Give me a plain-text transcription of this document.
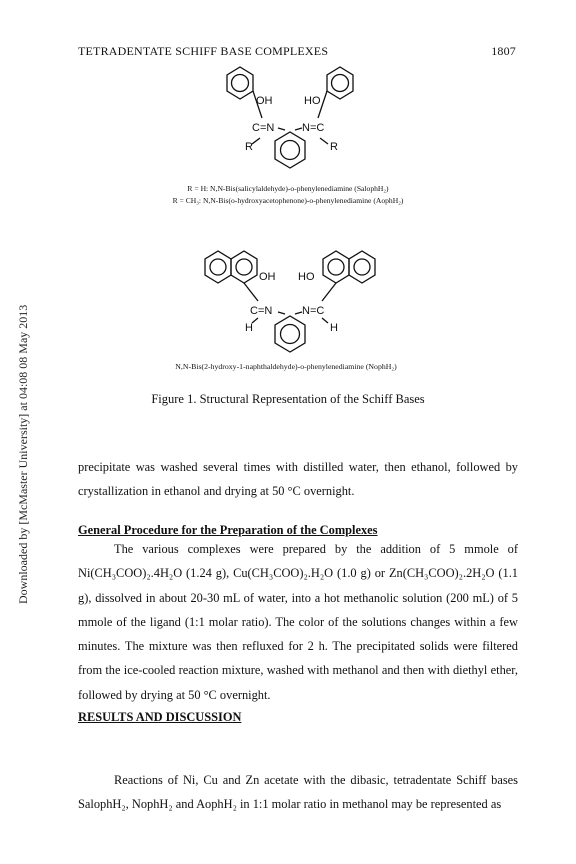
TETRADENTATE SCHIFF BASE COMPLEXES	1807
Downloaded by [McMaster University] at 04:08 08 May 2013
OH	HO
C=N	N=C
R	R
OH HO
C=N	N=C
H	H
R = H: N,N-Bis(salicylaldehyde)-o-phenylenediamine (SalophH₂)
R = CH₃: N,N-Bis(o-hydroxyacetophenone)-o-phenylenediamine (AophH₂)
N,N-Bis(2-hydroxy-1-naphthaldehyde)-o-phenylenediamine (NophH₂)
Figure 1. Structural Representation of the Schiff Bases

precipitate was washed several times with distilled water, then ethanol, followed by crystallization in ethanol and drying at 50 °C overnight.

General Procedure for the Preparation of the Complexes

The various complexes were prepared by the addition of 5 mmole of Ni(CH₃COO)₂.4H₂O (1.24 g), Cu(CH₃COO)₂.H₂O (1.0 g) or Zn(CH₃COO)₂.2H₂O (1.1 g), dissolved in about 20-30 mL of water, into a hot methanolic solution (200 mL) of 5 mmole of the ligand (1:1 molar ratio). The color of the solutions changes within a few minutes. The mixture was then refluxed for 2 h. The precipitated solids were filtered from the ice-cooled reaction mixture, washed with methanol and then with diethyl ether, followed by drying at 50 °C overnight.

RESULTS AND DISCUSSION

Reactions of Ni, Cu and Zn acetate with the dibasic, tetradentate Schiff bases SalophH₂, NophH₂ and AophH₂ in 1:1 molar ratio in methanol may be represented as
